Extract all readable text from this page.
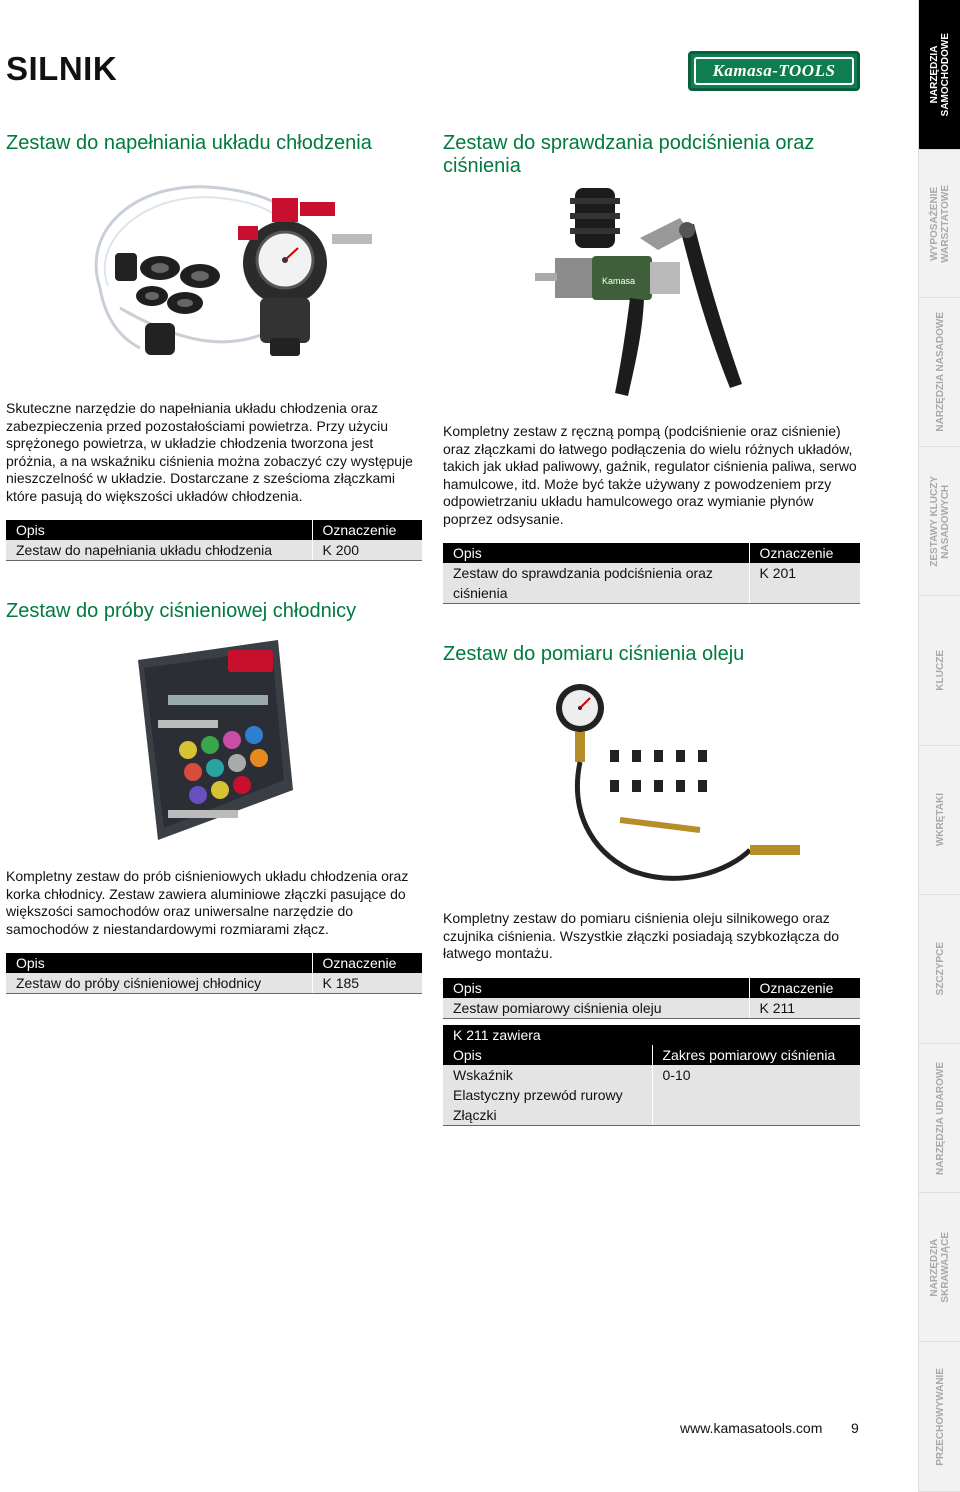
SILNIK	Kamasa-TOOLS
Zestaw do napełniania układu chłodzenia

Skuteczne narzędzie do napełniania układu chłodzenia oraz zabezpieczenia przed pozostałościami powietrza. Przy użyciu sprężonego powietrza, w układzie chłodzenia tworzona jest próżnia, a na wskaźniku ciśnienia można zobaczyć czy występuje nieszczelność w układzie. Dostarczane z sześcioma złączkami które pasują do większości układów chłodzenia.

Opis	Oznaczenie
Zestaw do napełniania układu chłodzenia	K 200
Zestaw do próby ciśnieniowej chłodnicy

Kompletny zestaw do prób ciśnieniowych układu chłodzenia oraz korka chłodnicy. Zestaw zawiera aluminiowe złączki pasujące do większości samochodów oraz uniwersalne narzędzie do samochodów z niestandardowymi rozmiarami złącz.

Opis	Oznaczenie
Zestaw do próby ciśnieniowej chłodnicy	K 185
Zestaw do sprawdzania podciśnienia oraz ciśnienia
Kamasa

Kompletny zestaw z ręczną pompą (podciśnienie oraz ciśnienie) oraz złączkami do łatwego podłączenia do wielu różnych układów, takich jak układ paliwowy, gaźnik, regulator ciśnienia paliwa, serwo hamulcowe, itd. Może być także używany z powodzeniem przy odpowietrzaniu układu hamulcowego oraz wymianie płynów poprzez odsysanie.

Opis	Oznaczenie
Zestaw do sprawdzania podciśnienia oraz ciśnienia	K 201
Zestaw do pomiaru ciśnienia oleju

Kompletny zestaw do pomiaru ciśnienia oleju silnikowego oraz czujnika ciśnienia. Wszystkie złączki posiadają szybkozłącza do łatwego montażu.

Opis	Oznaczenie
Zestaw pomiarowy ciśnienia oleju	K 211
K 211 zawiera	
Opis	Zakres pomiarowy ciśnienia
Wskaźnik	0-10
Elastyczny przewód rurowy	
Złączki	
www.kamasatools.com 9
NARZĘDZIA
SAMOCHODOWE
WYPOSAŻENIE
WARSZTATOWE
NARZĘDZIA NASADOWE
ZESTAWY KLUCZY
NASADOWYCH
KLUCZE
WKRĘTAKI
SZCZYPCE
NARZĘDZIA UDAROWE
NARZĘDZIA
SKRAWAJĄCE
PRZECHOWYWANIE
